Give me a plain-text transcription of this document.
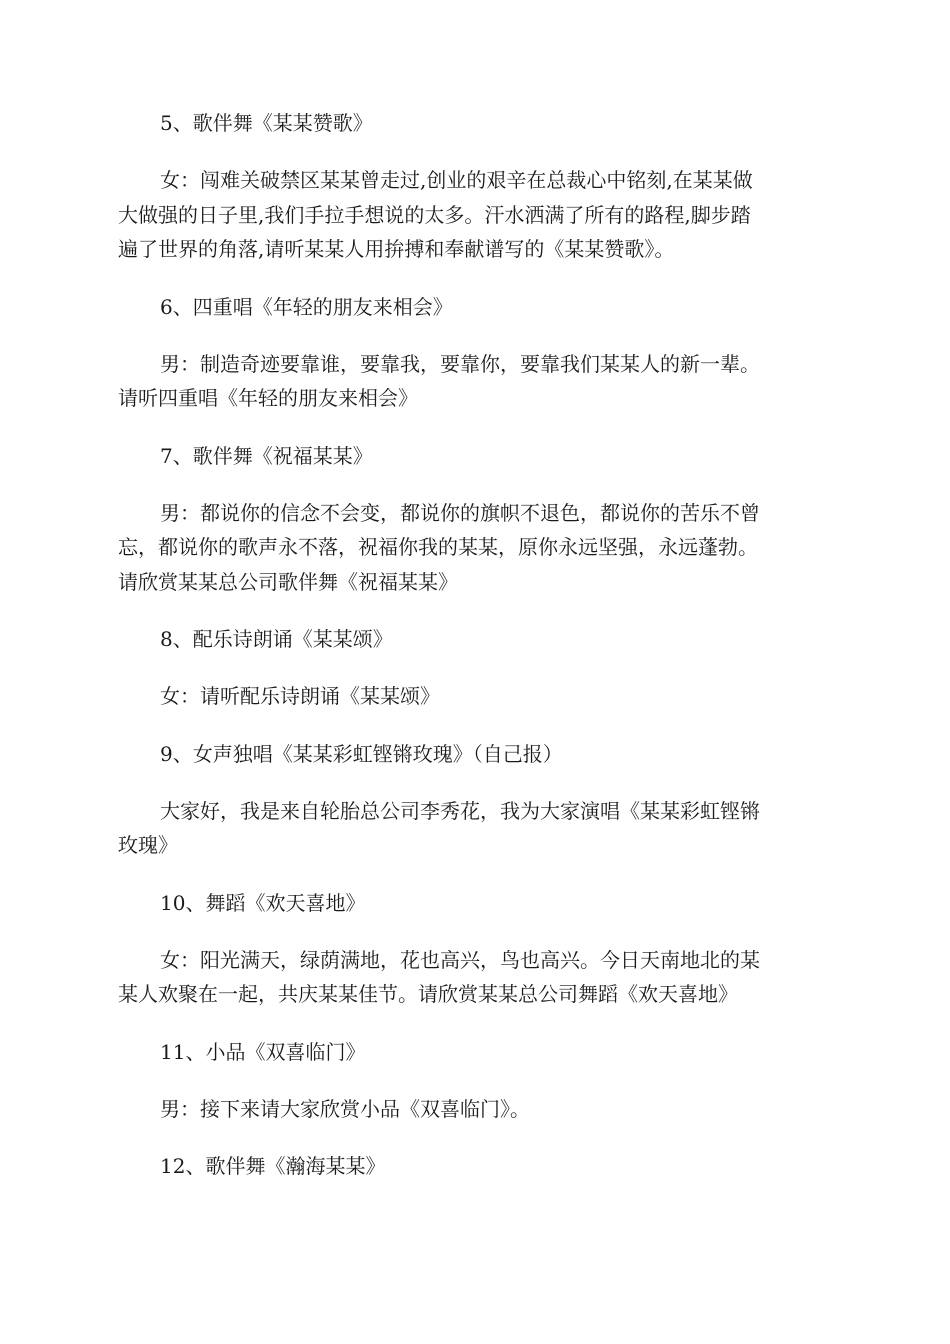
5、歌伴舞《某某赞歌》

女：闯难关破禁区某某曾走过,创业的艰辛在总裁心中铭刻,在某某做
大做强的日子里,我们手拉手想说的太多。汗水洒满了所有的路程,脚步踏
遍了世界的角落,请听某某人用拚搏和奉献谱写的《某某赞歌》。

6、四重唱《年轻的朋友来相会》

男：制造奇迹要靠谁，要靠我，要靠你，要靠我们某某人的新一辈。
请听四重唱《年轻的朋友来相会》

7、歌伴舞《祝福某某》

男：都说你的信念不会变，都说你的旗帜不退色，都说你的苦乐不曾
忘，都说你的歌声永不落，祝福你我的某某，原你永远坚强，永远蓬勃。
请欣赏某某总公司歌伴舞《祝福某某》

8、配乐诗朗诵《某某颂》

女：请听配乐诗朗诵《某某颂》

9、女声独唱《某某彩虹铿锵玫瑰》（自己报）

大家好，我是来自轮胎总公司李秀花，我为大家演唱《某某彩虹铿锵
玫瑰》

10、舞蹈《欢天喜地》

女：阳光满天，绿荫满地，花也高兴，鸟也高兴。今日天南地北的某
某人欢聚在一起，共庆某某佳节。请欣赏某某总公司舞蹈《欢天喜地》

11、小品《双喜临门》

男：接下来请大家欣赏小品《双喜临门》。

12、歌伴舞《瀚海某某》
